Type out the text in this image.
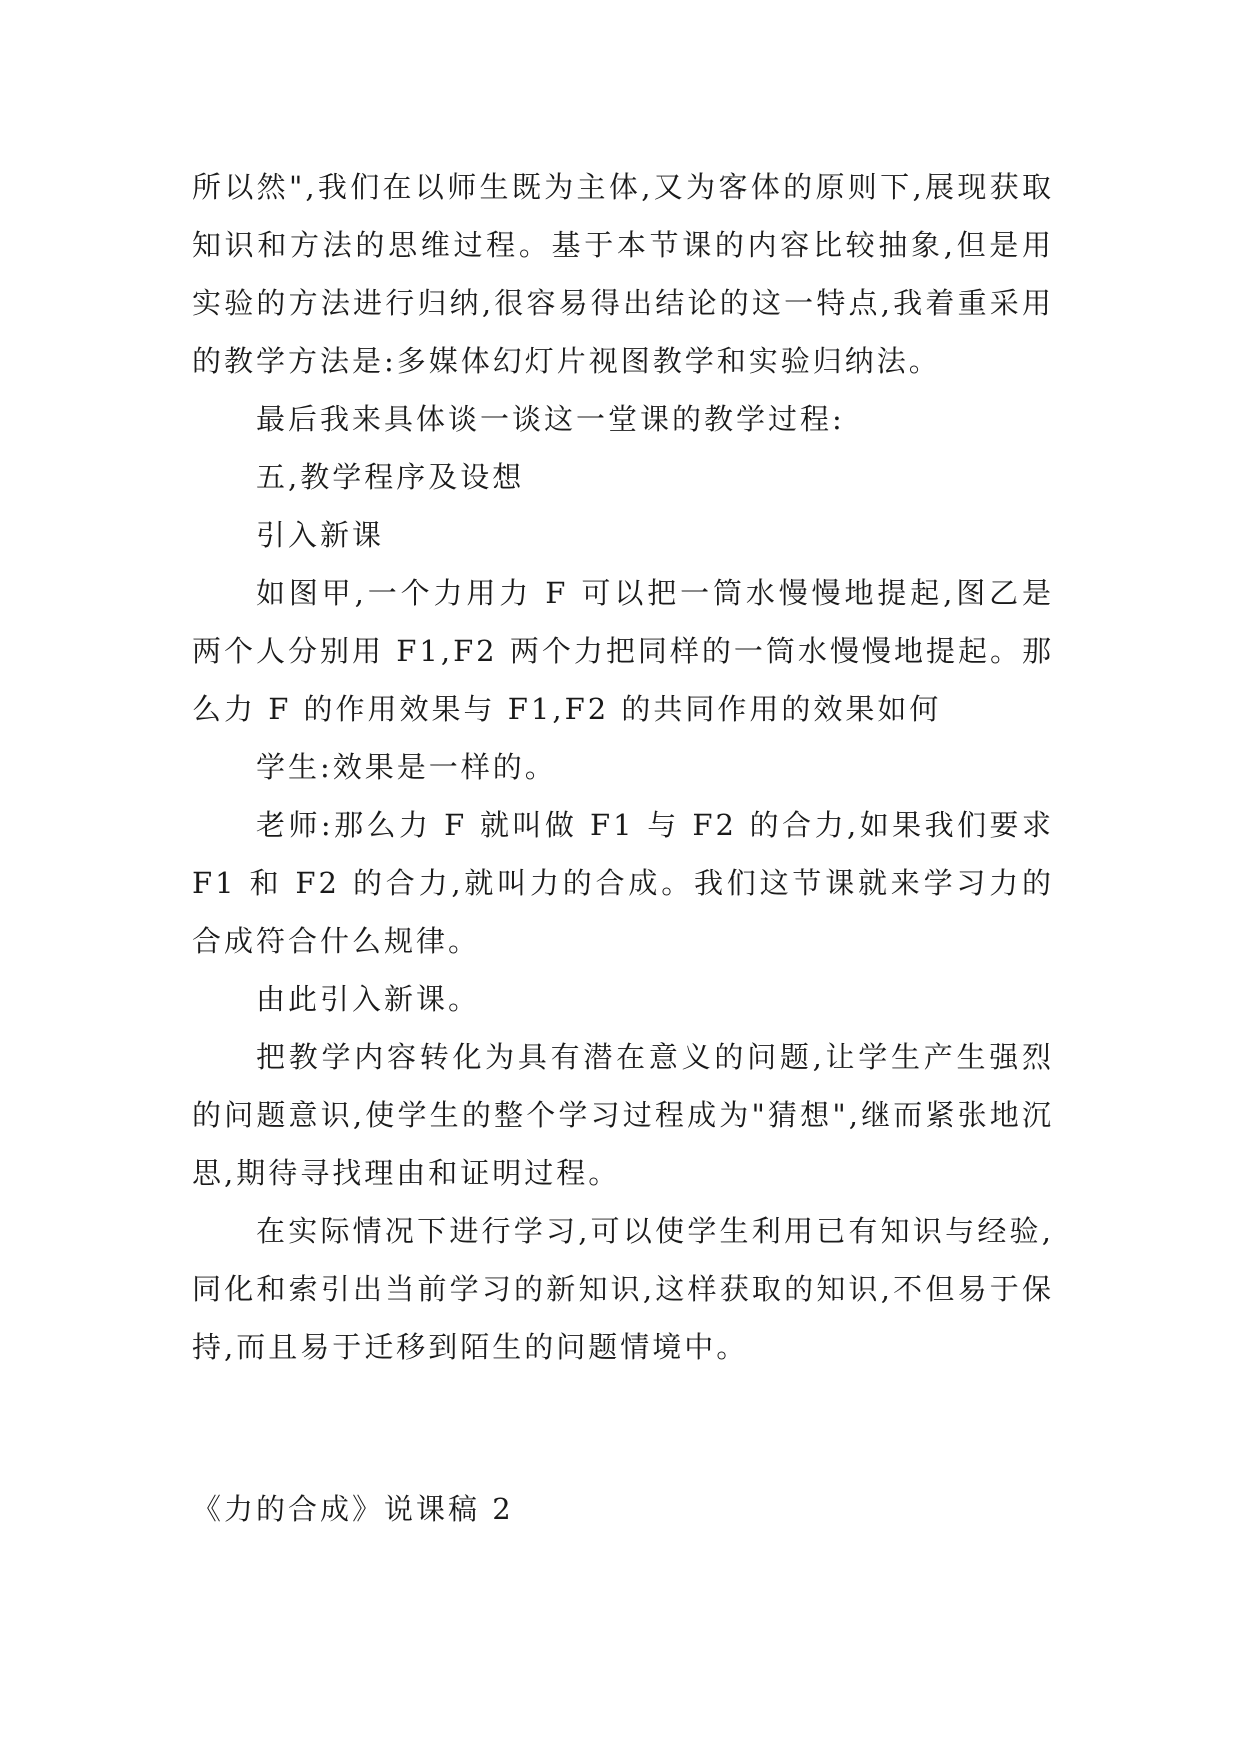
所以然",我们在以师生既为主体,又为客体的原则下,展现获取知识和方法的思维过程。基于本节课的内容比较抽象,但是用实验的方法进行归纳,很容易得出结论的这一特点,我着重采用的教学方法是:多媒体幻灯片视图教学和实验归纳法。

最后我来具体谈一谈这一堂课的教学过程:

五,教学程序及设想

引入新课

如图甲,一个力用力 F 可以把一筒水慢慢地提起,图乙是两个人分别用 F1,F2 两个力把同样的一筒水慢慢地提起。那么力 F 的作用效果与 F1,F2 的共同作用的效果如何

学生:效果是一样的。

老师:那么力 F 就叫做 F1 与 F2 的合力,如果我们要求 F1 和 F2 的合力,就叫力的合成。我们这节课就来学习力的合成符合什么规律。

由此引入新课。

把教学内容转化为具有潜在意义的问题,让学生产生强烈的问题意识,使学生的整个学习过程成为"猜想",继而紧张地沉思,期待寻找理由和证明过程。

在实际情况下进行学习,可以使学生利用已有知识与经验,同化和索引出当前学习的新知识,这样获取的知识,不但易于保持,而且易于迁移到陌生的问题情境中。

《力的合成》说课稿 2
